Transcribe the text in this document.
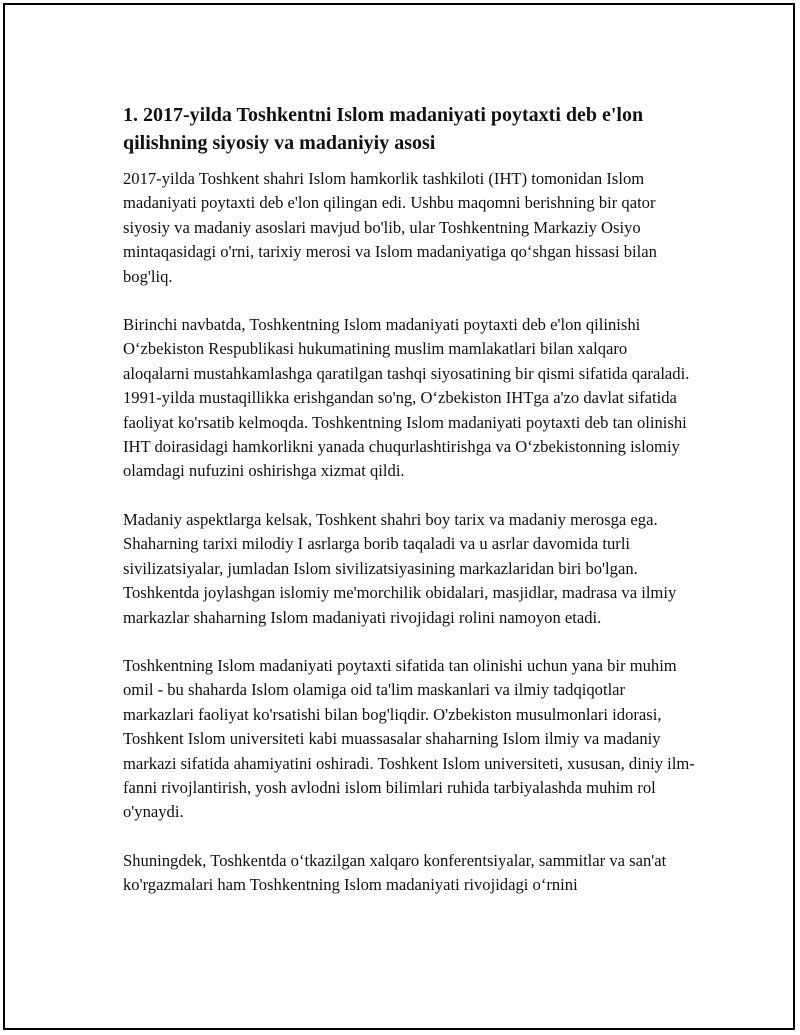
1. 2017-yilda Toshkentni Islom madaniyati poytaxti deb e'lon qilishning siyosiy va madaniyiy asosi

2017-yilda Toshkent shahri Islom hamkorlik tashkiloti (IHT) tomonidan Islom madaniyati poytaxti deb e'lon qilingan edi. Ushbu maqomni berishning bir qator siyosiy va madaniy asoslari mavjud bo'lib, ular Toshkentning Markaziy Osiyo mintaqasidagi o'rni, tarixiy merosi va Islom madaniyatiga qo‘shgan hissasi bilan bog'liq.

Birinchi navbatda, Toshkentning Islom madaniyati poytaxti deb e'lon qilinishi O‘zbekiston Respublikasi hukumatining muslim mamlakatlari bilan xalqaro aloqalarni mustahkamlashga qaratilgan tashqi siyosatining bir qismi sifatida qaraladi. 1991-yilda mustaqillikka erishgandan so'ng, O‘zbekiston IHTga a'zo davlat sifatida faoliyat ko'rsatib kelmoqda. Toshkentning Islom madaniyati poytaxti deb tan olinishi IHT doirasidagi hamkorlikni yanada chuqurlashtirishga va O‘zbekistonning islomiy olamdagi nufuzini oshirishga xizmat qildi.

Madaniy aspektlarga kelsak, Toshkent shahri boy tarix va madaniy merosga ega. Shaharning tarixi milodiy I asrlarga borib taqaladi va u asrlar davomida turli sivilizatsiyalar, jumladan Islom sivilizatsiyasining markazlaridan biri bo'lgan. Toshkentda joylashgan islomiy me'morchilik obidalari, masjidlar, madrasa va ilmiy markazlar shaharning Islom madaniyati rivojidagi rolini namoyon etadi.

Toshkentning Islom madaniyati poytaxti sifatida tan olinishi uchun yana bir muhim omil - bu shaharda Islom olamiga oid ta'lim maskanlari va ilmiy tadqiqotlar markazlari faoliyat ko'rsatishi bilan bog'liqdir. O'zbekiston musulmonlari idorasi, Toshkent Islom universiteti kabi muassasalar shaharning Islom ilmiy va madaniy markazi sifatida ahamiyatini oshiradi. Toshkent Islom universiteti, xususan, diniy ilm-fanni rivojlantirish, yosh avlodni islom bilimlari ruhida tarbiyalashda muhim rol o'ynaydi.

Shuningdek, Toshkentda o‘tkazilgan xalqaro konferentsiyalar, sammitlar va san'at ko'rgazmalari ham Toshkentning Islom madaniyati rivojidagi o‘rnini
